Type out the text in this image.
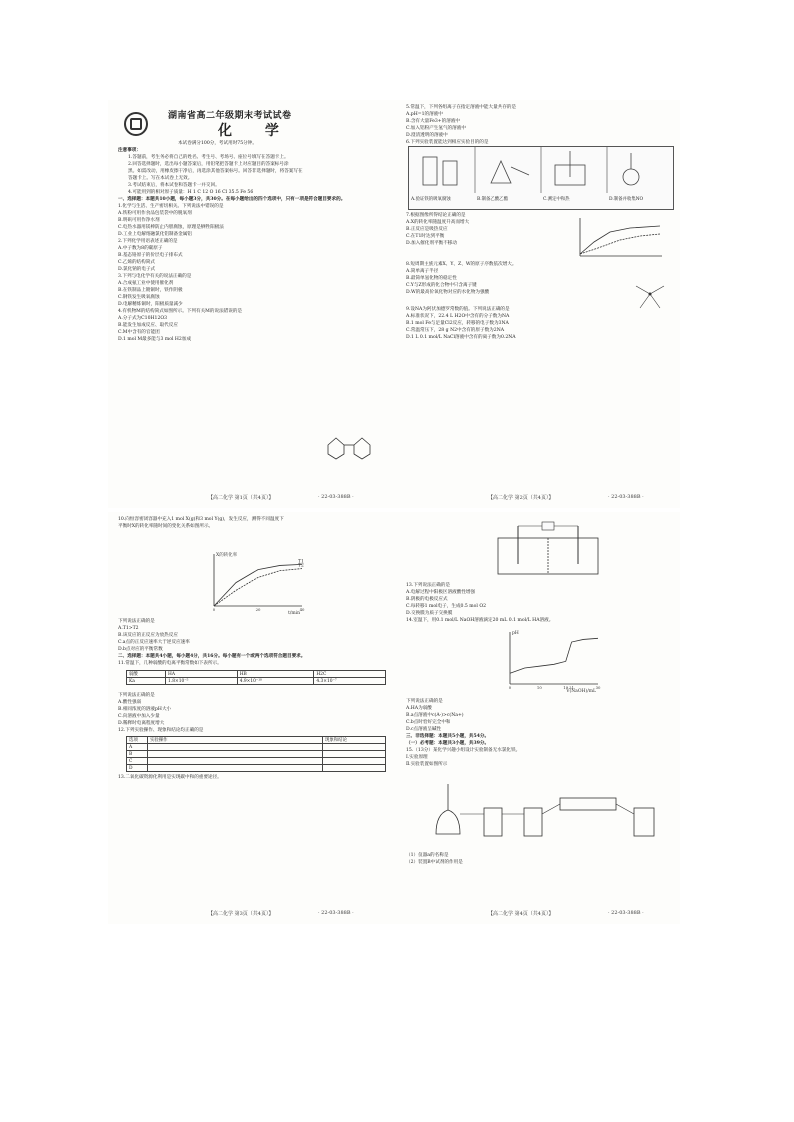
湖南省高二年级期末考试试卷
化 学
本试卷满分100分，考试用时75分钟。
注意事项：
1.答题前，考生务必将自己的姓名、考生号、考场号、座位号填写在答题卡上。
2.回答选择题时，选出每小题答案后，用铅笔把答题卡上对应题目的答案标号涂
黑。如需改动，用橡皮擦干净后，再选涂其他答案标号。回答非选择题时，将答案写在
答题卡上。写在本试卷上无效。
3.考试结束后，将本试卷和答题卡一并交回。
4.可能用到的相对原子质量：H 1 C 12 O 16 Cl 35.5 Fe 56
一、选择题：本题共10小题，每小题3分，共30分。在每小题给出的四个选项中，只有一项是符合题目要求的。
1.化学与生活、生产密切相关。下列说法中错误的是
A.铁粉可用作食品包装袋中的脱氧剂
B.明矾可用作净水剂
C.电热水器用镁棒防止内胆腐蚀，原理是牺牲阳极法
D.工业上电解熔融氯化铝制备金属铝
2.下列化学用语表述正确的是
A.中子数为8的碳原子
B.基态铬原子的价层电子排布式
C.乙烯的结构简式
D.氯化钠的电子式
3.下列与电化学有关的说法正确的是
A.合成氨工业中使用催化剂
B.在铁制品上镀铜时，铁作阴极
C.钢铁发生吸氧腐蚀
D.电解精炼铜时，阳极质量减少
4.有机物M的结构简式如图所示。下列有关M的说法错误的是
A.分子式为C10H12O3
B.能发生加成反应、取代反应
C.M中含有的官能团
D.1 mol M最多能与3 mol H2加成
5.常温下，下列各组离子在指定溶液中能大量共存的是
A.pH=1的溶液中
B.含有大量Fe3+的溶液中
C.加入铝粉产生氢气的溶液中
D.澄清透明的溶液中
6.下列实验装置能达到相应实验目的的是
A.验证铁的吸氧腐蚀	B.制备乙酸乙酯	C.测定中和热	D.制备并收集NO
7.根据图像所得结论正确的是
A.X的转化率随温度升高而增大
B.正反应是吸热反应
C.在T1时达到平衡
D.加入催化剂平衡不移动
8.短周期主族元素X、Y、Z、W的原子序数依次增大。
A.简单离子半径
B.最简单氢化物的稳定性
C.Y与Z形成的化合物中只含离子键
D.W的最高价氧化物对应的水化物为强酸
9.设NA为阿伏加德罗常数的值。下列说法正确的是
A.标准状况下，22.4 L H2O中含有的分子数为NA
B.1 mol Fe与足量Cl2反应，转移的电子数为3NA
C.常温常压下，28 g N2中含有的原子数为2NA
D.1 L 0.1 mol/L NaCl溶液中含有的离子数为0.2NA
【高二化学 第1页（共4页）】	· 22-03-388B ·	【高二化学 第2页（共4页）】	· 22-03-388B ·
10.向恒容密闭容器中充入1 mol X(g)和3 mol Y(g)，发生反应，测得不同温度下
平衡时X的转化率随时间的变化关系如图所示。
t/min
X的转化率
T1
T2
0	20	40
下列说法正确的是
A.T1>T2
B.该反应的正反应为放热反应
C.a点的正反应速率大于逆反应速率
D.b点对应的平衡常数
二、选择题：本题共4小题，每小题4分，共16分。每小题有一个或两个选项符合题目要求。
11.常温下，几种弱酸的电离平衡常数如下表所示。
弱酸	HA	HB	H2C
Ka	1.8×10⁻⁵	4.9×10⁻¹⁰	4.3×10⁻⁷
下列说法正确的是
A.酸性强弱
B.相同浓度的溶液pH大小
C.向溶液中加入少量
D.稀释时电离程度增大
12.下列实验操作、现象和结论均正确的是
选项	实验操作	现象和结论
A		
B		
C		
D		
13.二氧化碳资源化利用是实现碳中和的重要途径。
13.下列说法正确的是
A.电解过程中阳极区溶液酸性增强
B.阴极的电极反应式
C.每转移1 mol电子，生成0.5 mol O2
D.交换膜为质子交换膜
14.室温下，用0.1 mol/L NaOH溶液滴定20 mL 0.1 mol/L HA溶液。
V(NaOH)/mL
pH
0	10	19 21	30
下列说法正确的是
A.HA为弱酸
B.a点溶液中c(A-)>c(Na+)
C.b点时恰好完全中和
D.c点溶液呈碱性
三、非选择题：本题共5小题，共54分。
（一）必考题：本题共3小题，共39分。
15.（13分）某化学兴趣小组设计实验制备无水氯化铁。
Ⅰ.实验原理
Ⅱ.实验装置如图所示
（1）仪器a的名称是
（2）装置B中试剂的作用是
【高二化学 第3页（共4页）】	· 22-03-388B ·	【高二化学 第4页（共4页）】	· 22-03-388B ·
